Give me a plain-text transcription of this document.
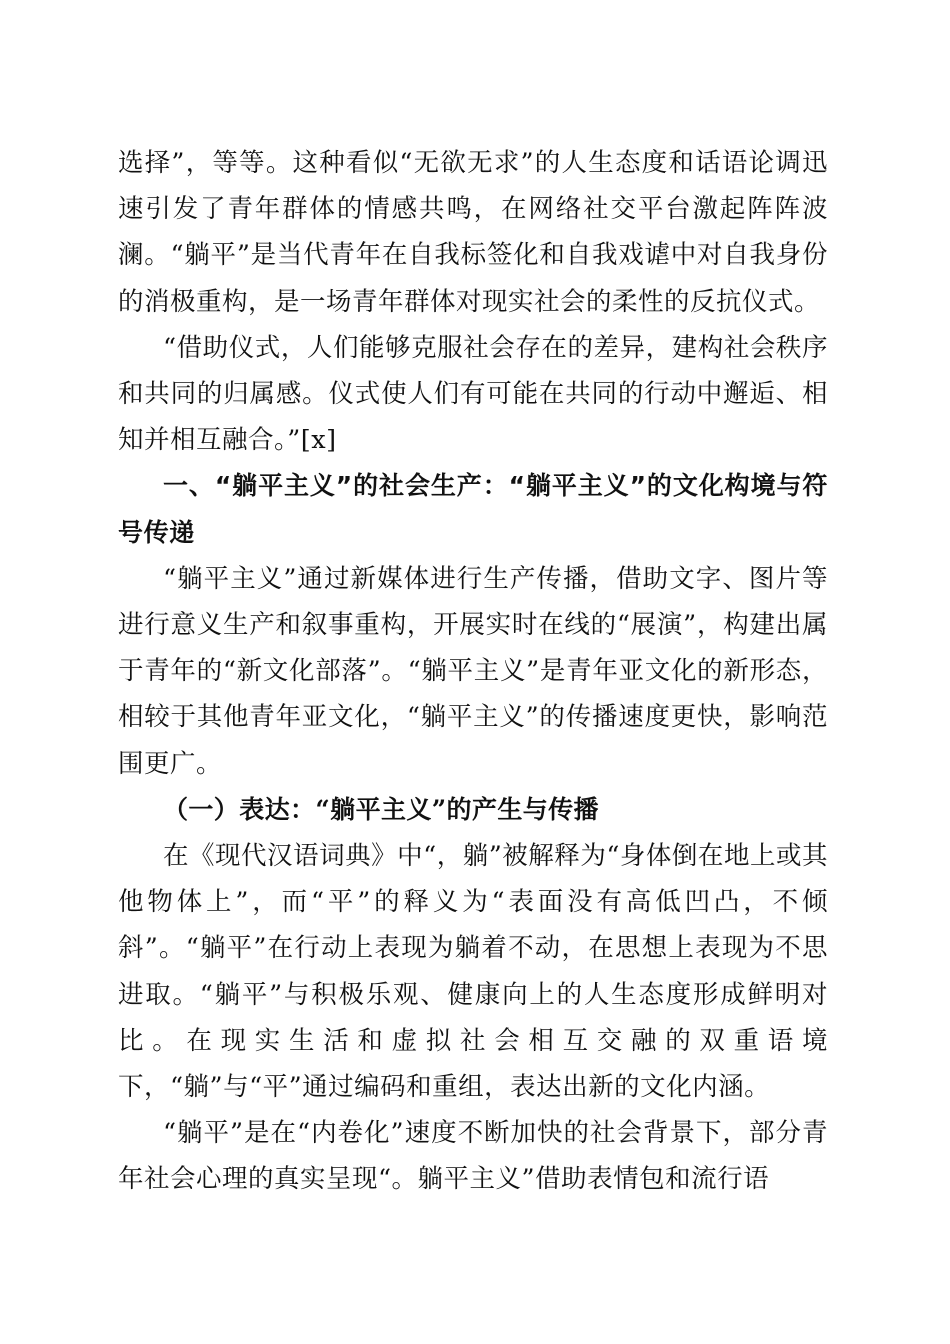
选择”，等等。这种看似“无欲无求”的人生态度和话语论调迅速引发了青年群体的情感共鸣，在网络社交平台激起阵阵波澜。“躺平”是当代青年在自我标签化和自我戏谑中对自我身份的消极重构，是一场青年群体对现实社会的柔性的反抗仪式。

“借助仪式，人们能够克服社会存在的差异，建构社会秩序和共同的归属感。仪式使人们有可能在共同的行动中邂逅、相知并相互融合。”[x]

一、“躺平主义”的社会生产：“躺平主义”的文化构境与符号传递

“躺平主义”通过新媒体进行生产传播，借助文字、图片等进行意义生产和叙事重构，开展实时在线的“展演”，构建出属于青年的“新文化部落”。“躺平主义”是青年亚文化的新形态，相较于其他青年亚文化，“躺平主义”的传播速度更快，影响范围更广。

（一）表达：“躺平主义”的产生与传播

在《现代汉语词典》中“，躺”被解释为“身体倒在地上或其他物体上”，而“平”的释义为“表面没有高低凹凸，不倾斜”。“躺平”在行动上表现为躺着不动，在思想上表现为不思进取。“躺平”与积极乐观、健康向上的人生态度形成鲜明对比。在现实生活和虚拟社会相互交融的双重语境下，“躺”与“平”通过编码和重组，表达出新的文化内涵。

“躺平”是在“内卷化”速度不断加快的社会背景下，部分青年社会心理的真实呈现“。躺平主义”借助表情包和流行语
